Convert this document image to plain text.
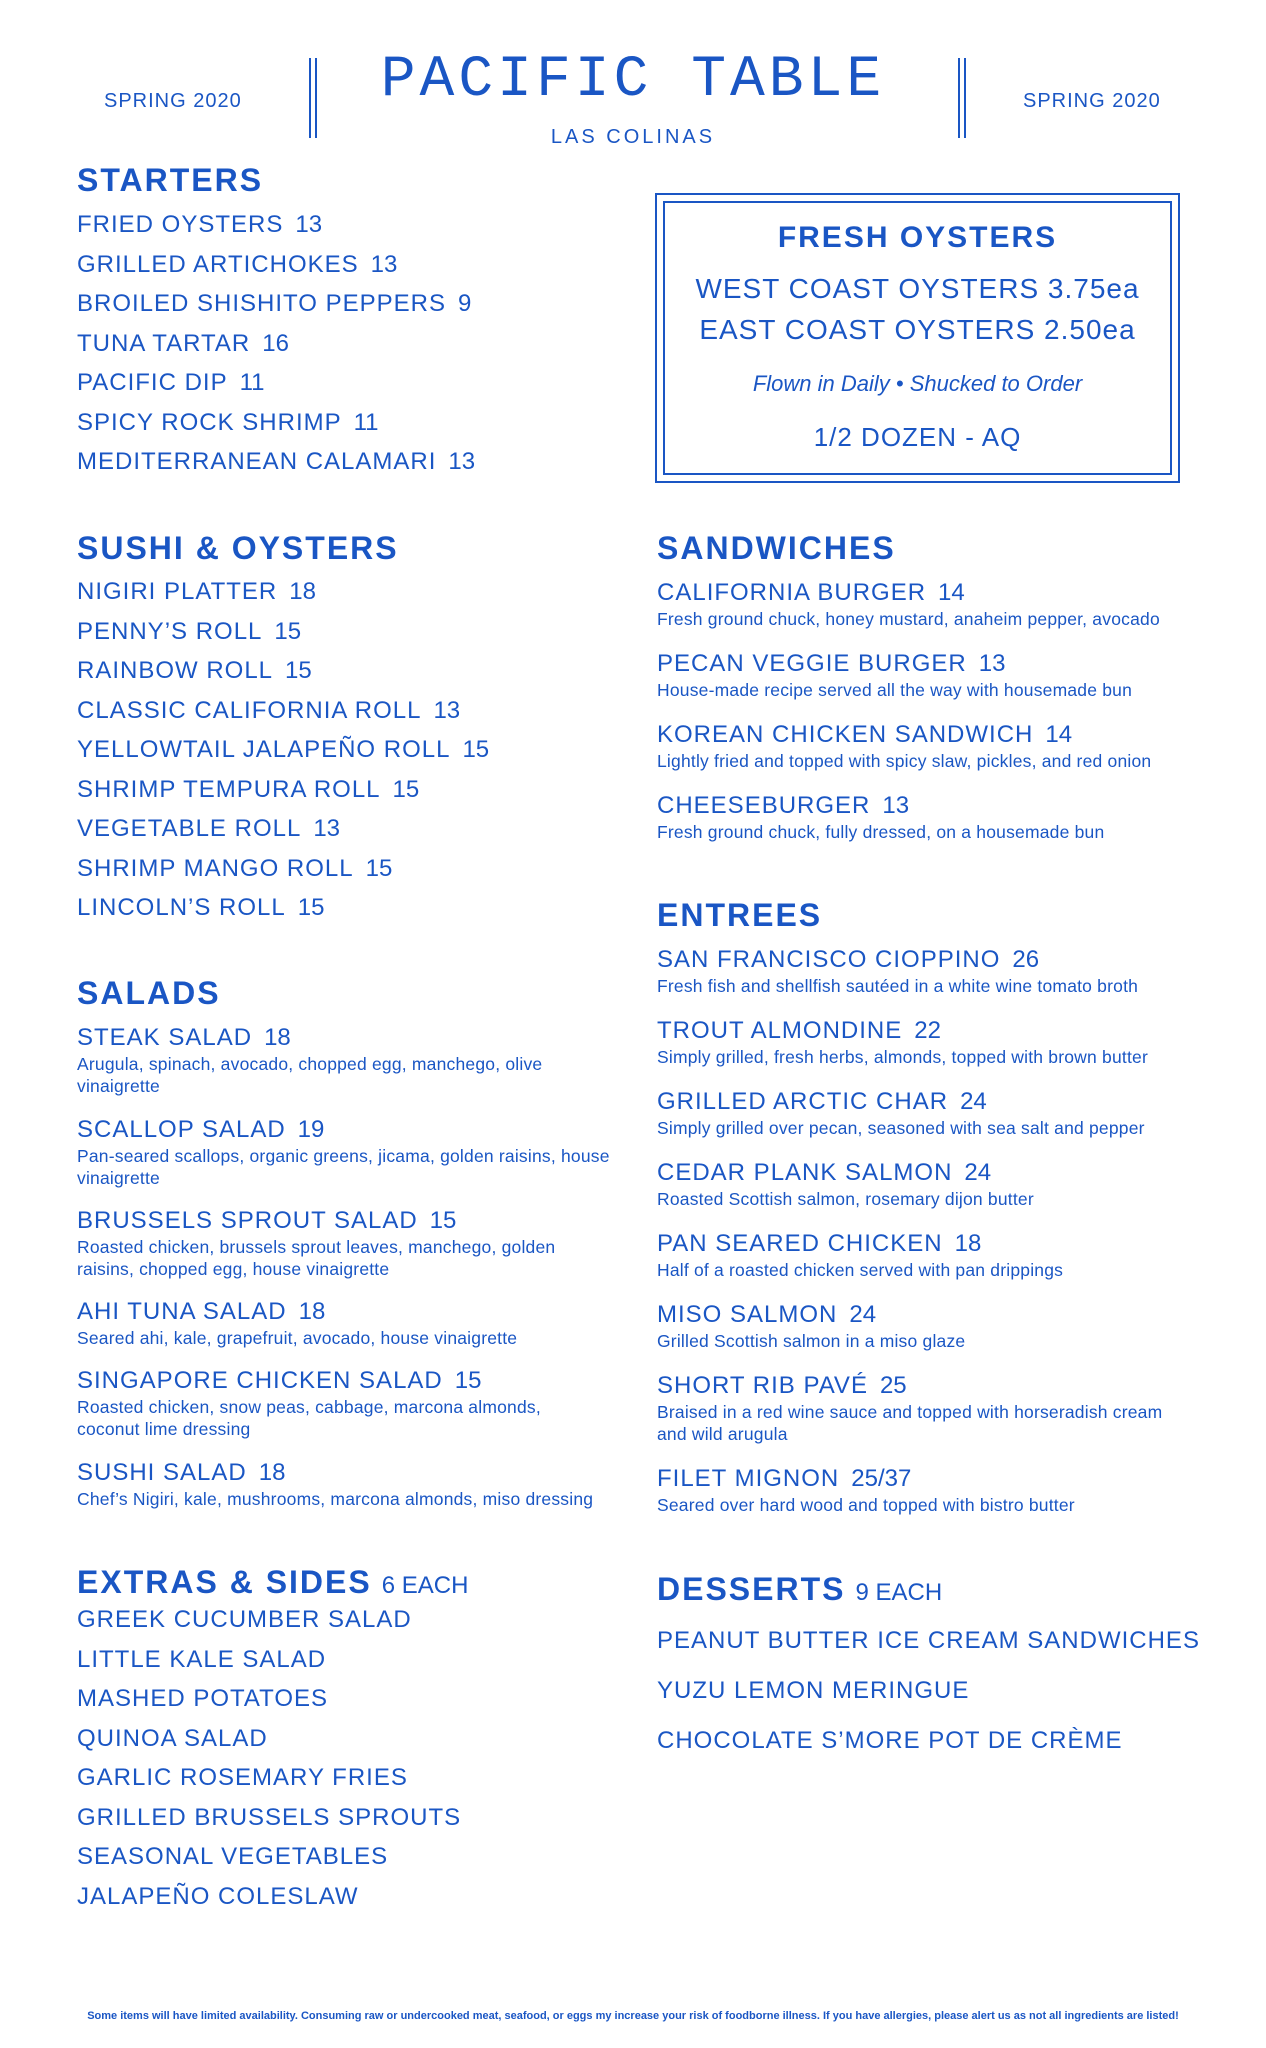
SPRING 2020	PACIFIC TABLE
LAS COLINAS
SPRING 2020
STARTERS
FRIED OYSTERS 13
GRILLED ARTICHOKES 13
BROILED SHISHITO PEPPERS 9
TUNA TARTAR 16
PACIFIC DIP 11
SPICY ROCK SHRIMP 11
MEDITERRANEAN CALAMARI 13
FRESH OYSTERS
WEST COAST OYSTERS 3.75ea
EAST COAST OYSTERS 2.50ea
Flown in Daily • Shucked to Order
1/2 DOZEN - AQ
SUSHI & OYSTERS
NIGIRI PLATTER 18
PENNY’S ROLL 15
RAINBOW ROLL 15
CLASSIC CALIFORNIA ROLL 13
YELLOWTAIL JALAPEÑO ROLL 15
SHRIMP TEMPURA ROLL 15
VEGETABLE ROLL 13
SHRIMP MANGO ROLL 15
LINCOLN’S ROLL 15
SANDWICHES
CALIFORNIA BURGER 14
Fresh ground chuck, honey mustard, anaheim pepper, avocado
PECAN VEGGIE BURGER 13
House-made recipe served all the way with housemade bun
KOREAN CHICKEN SANDWICH 14
Lightly fried and topped with spicy slaw, pickles, and red onion
CHEESEBURGER 13
Fresh ground chuck, fully dressed, on a housemade bun
SALADS
STEAK SALAD 18
Arugula, spinach, avocado, chopped egg, manchego, olive vinaigrette
SCALLOP SALAD 19
Pan-seared scallops, organic greens, jicama, golden raisins, house vinaigrette
BRUSSELS SPROUT SALAD 15
Roasted chicken, brussels sprout leaves, manchego, golden raisins, chopped egg, house vinaigrette
AHI TUNA SALAD 18
Seared ahi, kale, grapefruit, avocado, house vinaigrette
SINGAPORE CHICKEN SALAD 15
Roasted chicken, snow peas, cabbage, marcona almonds, coconut lime dressing
SUSHI SALAD 18
Chef’s Nigiri, kale, mushrooms, marcona almonds, miso dressing
ENTREES
SAN FRANCISCO CIOPPINO 26
Fresh fish and shellfish sautéed in a white wine tomato broth
TROUT ALMONDINE 22
Simply grilled, fresh herbs, almonds, topped with brown butter
GRILLED ARCTIC CHAR 24
Simply grilled over pecan, seasoned with sea salt and pepper
CEDAR PLANK SALMON 24
Roasted Scottish salmon, rosemary dijon butter
PAN SEARED CHICKEN 18
Half of a roasted chicken served with pan drippings
MISO SALMON 24
Grilled Scottish salmon in a miso glaze
SHORT RIB PAVÉ 25
Braised in a red wine sauce and topped with horseradish cream and wild arugula
FILET MIGNON 25/37
Seared over hard wood and topped with bistro butter
EXTRAS & SIDES 6 EACH
GREEK CUCUMBER SALAD
LITTLE KALE SALAD
MASHED POTATOES
QUINOA SALAD
GARLIC ROSEMARY FRIES
GRILLED BRUSSELS SPROUTS
SEASONAL VEGETABLES
JALAPEÑO COLESLAW
DESSERTS 9 EACH
PEANUT BUTTER ICE CREAM SANDWICHES
YUZU LEMON MERINGUE
CHOCOLATE S’MORE POT DE CRÈME
Some items will have limited availability. Consuming raw or undercooked meat, seafood, or eggs my increase your risk of foodborne illness. If you have allergies, please alert us as not all ingredients are listed!
